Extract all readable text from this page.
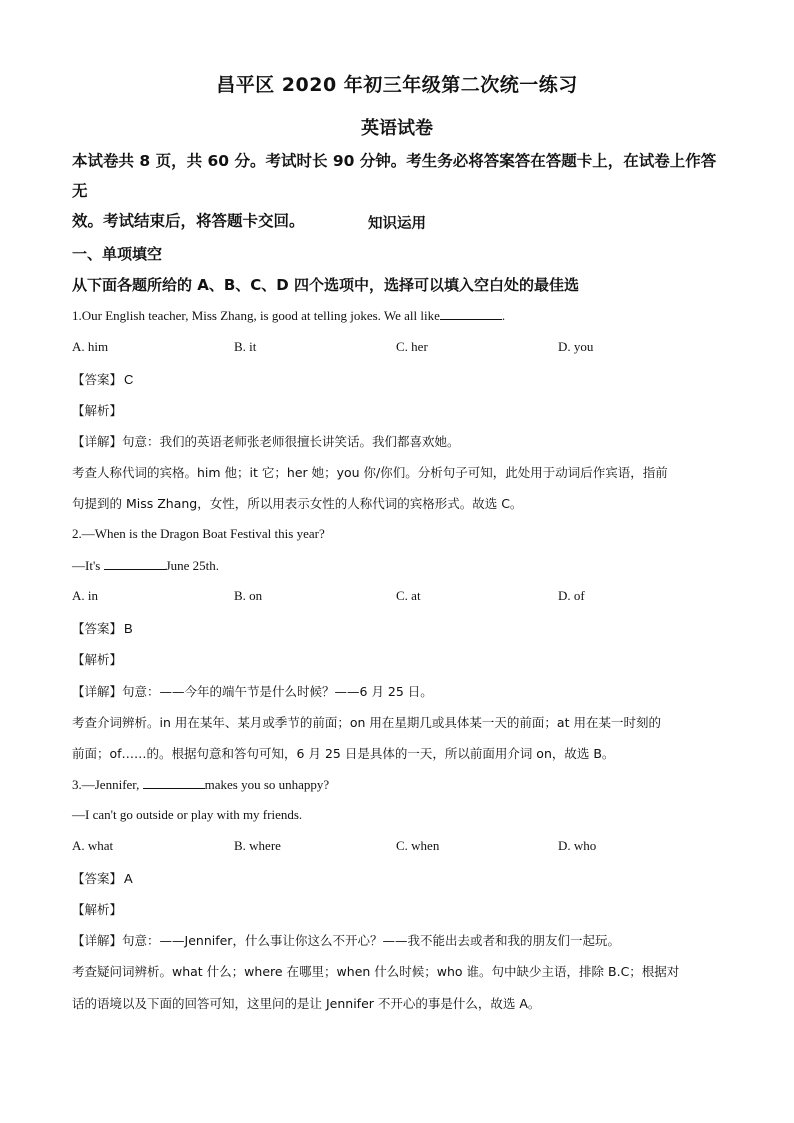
昌平区 2020 年初三年级第二次统一练习
英语试卷
本试卷共 8 页，共 60 分。考试时长 90 分钟。考生务必将答案答在答题卡上，在试卷上作答无
效。考试结束后，将答题卡交回。	知识运用
一、单项填空
从下面各题所给的 A、B、C、D 四个选项中，选择可以填入空白处的最佳选
1.Our English teacher, Miss Zhang, is good at telling jokes. We all like	.
A. him	B. it	C. her	D. you
【答案】 C
【解析】
【详解】句意：我们的英语老师张老师很擅长讲笑话。我们都喜欢她。
考查人称代词的宾格。him 他；it 它；her 她；you 你/你们。分析句子可知，此处用于动词后作宾语，指前
句提到的 Miss Zhang，女性，所以用表示女性的人称代词的宾格形式。故选 C。
2.—When is the Dragon Boat Festival this year?
—It's	June 25th.
A. in	B. on	C. at	D. of
【答案】 B
【解析】
【详解】句意：——今年的端午节是什么时候？——6 月 25 日。
考查介词辨析。in 用在某年、某月或季节的前面；on 用在星期几或具体某一天的前面；at 用在某一时刻的
前面；of……的。根据句意和答句可知，6 月 25 日是具体的一天，所以前面用介词 on，故选 B。
3.—Jennifer,	makes you so unhappy?
—I can't go outside or play with my friends.
A. what	B. where	C. when	D. who
【答案】 A
【解析】
【详解】句意：——Jennifer，什么事让你这么不开心？——我不能出去或者和我的朋友们一起玩。
考查疑问词辨析。what 什么；where 在哪里；when 什么时候；who 谁。句中缺少主语，排除 B.C；根据对
话的语境以及下面的回答可知，这里问的是让 Jennifer 不开心的事是什么，故选 A。
